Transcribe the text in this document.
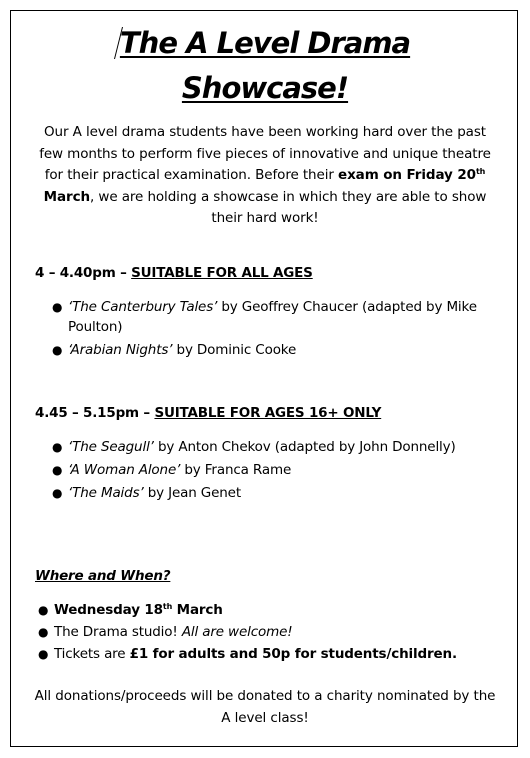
The A Level Drama
Showcase!
Our A level drama students have been working hard over the past few months to perform five pieces of innovative and unique theatre for their practical examination. Before their exam on Friday 20th March, we are holding a showcase in which they are able to show their hard work!
4 – 4.40pm – SUITABLE FOR ALL AGES
● ‘The Canterbury Tales’ by Geoffrey Chaucer (adapted by Mike Poulton)
● ‘Arabian Nights’ by Dominic Cooke
4.45 – 5.15pm – SUITABLE FOR AGES 16+ ONLY
● ‘The Seagull’ by Anton Chekov (adapted by John Donnelly)
● ‘A Woman Alone’ by Franca Rame
● ‘The Maids’ by Jean Genet
Where and When?
● Wednesday 18th March
● The Drama studio! All are welcome!
● Tickets are £1 for adults and 50p for students/children.
All donations/proceeds will be donated to a charity nominated by the A level class!
